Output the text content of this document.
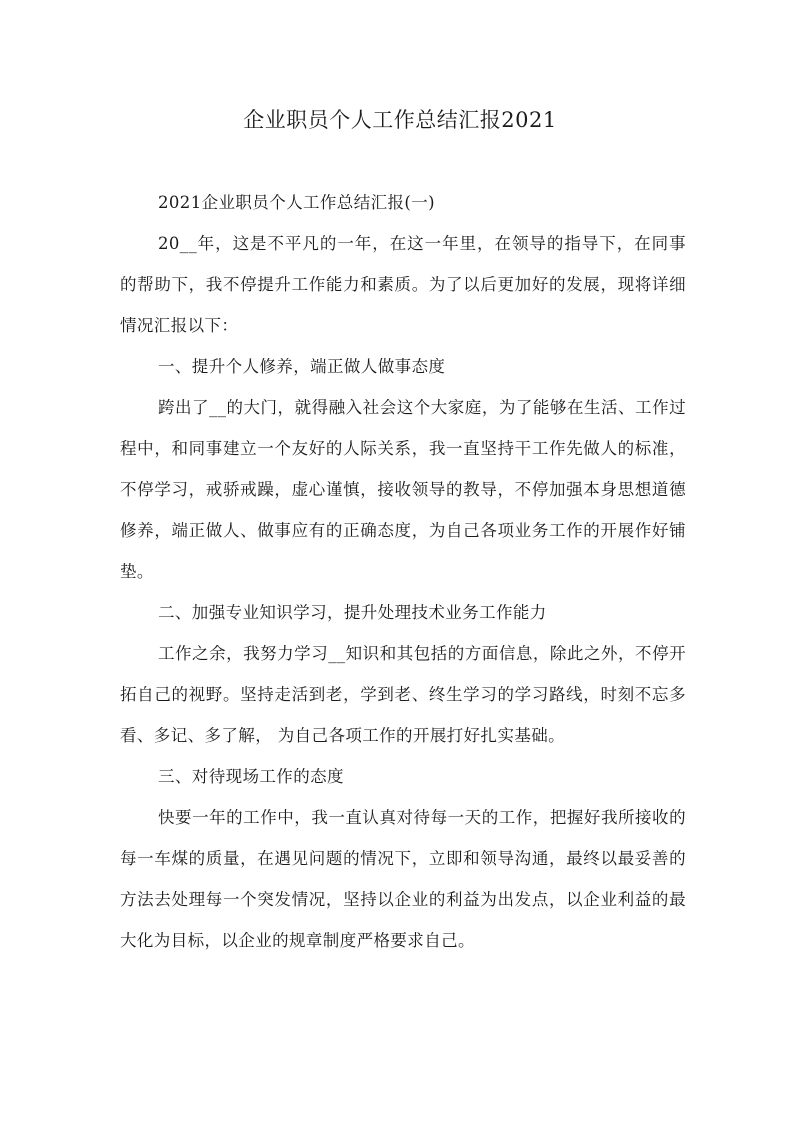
企业职员个人工作总结汇报2021

2021企业职员个人工作总结汇报(一)

20__年，这是不平凡的一年，在这一年里，在领导的指导下，在同事的帮助下，我不停提升工作能力和素质。为了以后更加好的发展，现将详细情况汇报以下：

一、提升个人修养，端正做人做事态度

跨出了__的大门，就得融入社会这个大家庭，为了能够在生活、工作过程中，和同事建立一个友好的人际关系，我一直坚持干工作先做人的标准，不停学习，戒骄戒躁，虚心谨慎，接收领导的教导，不停加强本身思想道德修养，端正做人、做事应有的正确态度，为自己各项业务工作的开展作好铺垫。

二、加强专业知识学习，提升处理技术业务工作能力

工作之余，我努力学习__知识和其包括的方面信息，除此之外，不停开拓自己的视野。坚持走活到老，学到老、终生学习的学习路线，时刻不忘多看、多记、多了解， 为自己各项工作的开展打好扎实基础。

三、对待现场工作的态度

快要一年的工作中，我一直认真对待每一天的工作，把握好我所接收的每一车煤的质量，在遇见问题的情况下，立即和领导沟通，最终以最妥善的方法去处理每一个突发情况，坚持以企业的利益为出发点，以企业利益的最大化为目标，以企业的规章制度严格要求自己。
